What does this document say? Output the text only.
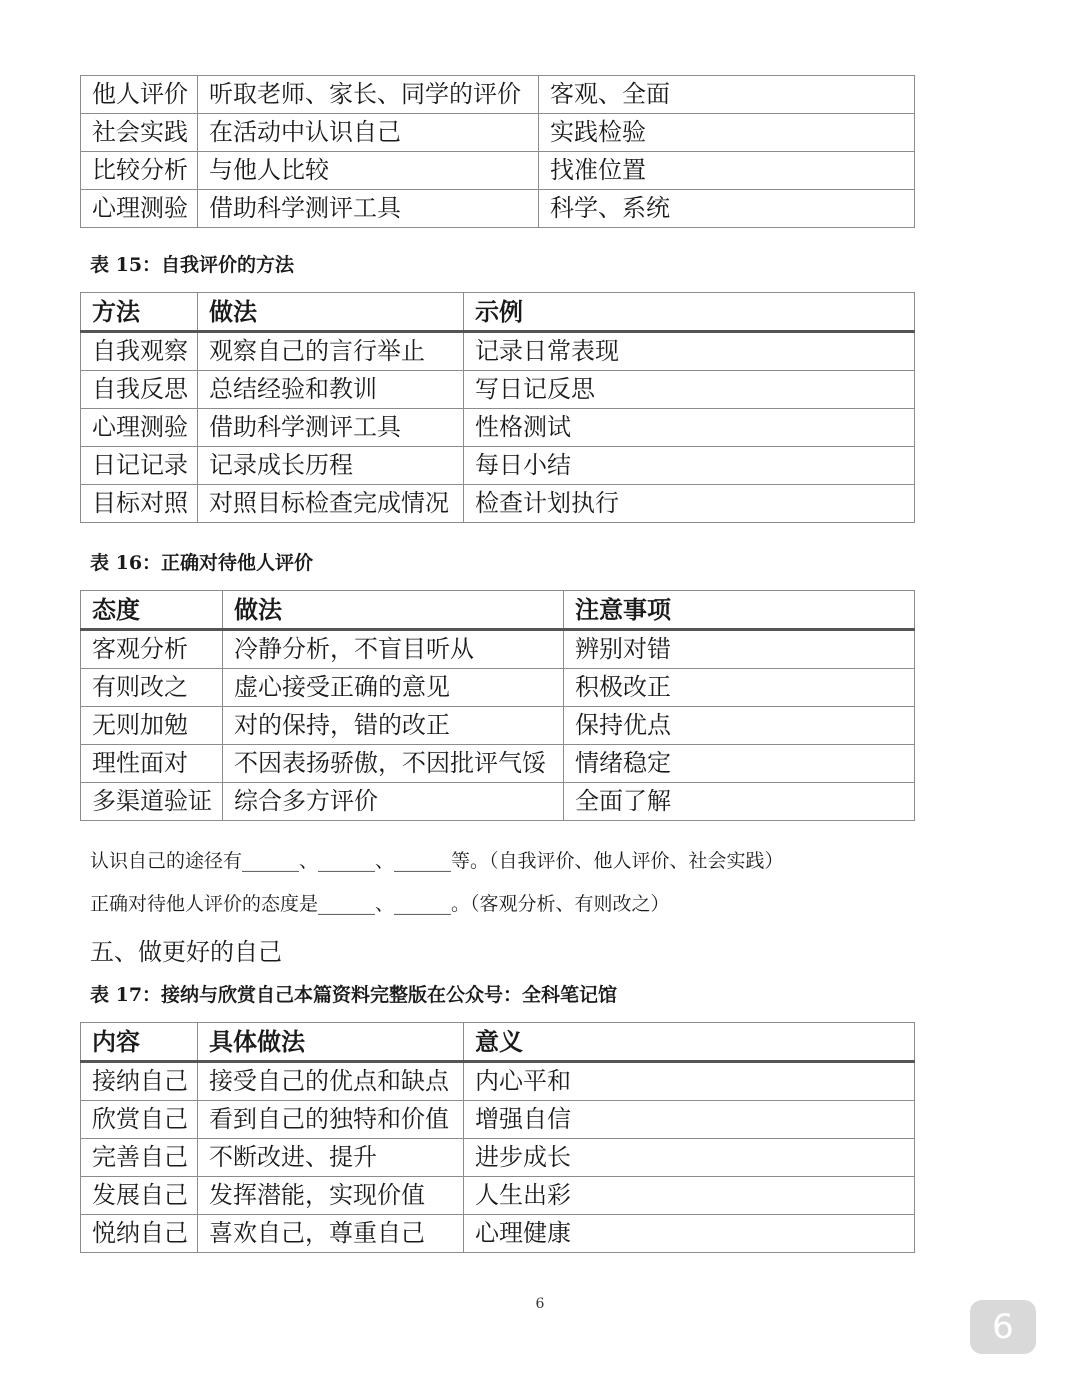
他人评价	听取老师、家长、同学的评价	客观、全面
社会实践	在活动中认识自己	实践检验
比较分析	与他人比较	找准位置
心理测验	借助科学测评工具	科学、系统
表 15：自我评价的方法
方法	做法	示例
自我观察	观察自己的言行举止	记录日常表现
自我反思	总结经验和教训	写日记反思
心理测验	借助科学测评工具	性格测试
日记记录	记录成长历程	每日小结
目标对照	对照目标检查完成情况	检查计划执行
表 16：正确对待他人评价
态度	做法	注意事项
客观分析	冷静分析，不盲目听从	辨别对错
有则改之	虚心接受正确的意见	积极改正
无则加勉	对的保持，错的改正	保持优点
理性面对	不因表扬骄傲，不因批评气馁	情绪稳定
多渠道验证	综合多方评价	全面了解
认识自己的途径有______、______、______等。（自我评价、他人评价、社会实践）
正确对待他人评价的态度是______、______。（客观分析、有则改之）
五、做更好的自己
表 17：接纳与欣赏自己本篇资料完整版在公众号：全科笔记馆
内容	具体做法	意义
接纳自己	接受自己的优点和缺点	内心平和
欣赏自己	看到自己的独特和价值	增强自信
完善自己	不断改进、提升	进步成长
发展自己	发挥潜能，实现价值	人生出彩
悦纳自己	喜欢自己，尊重自己	心理健康
6
6
